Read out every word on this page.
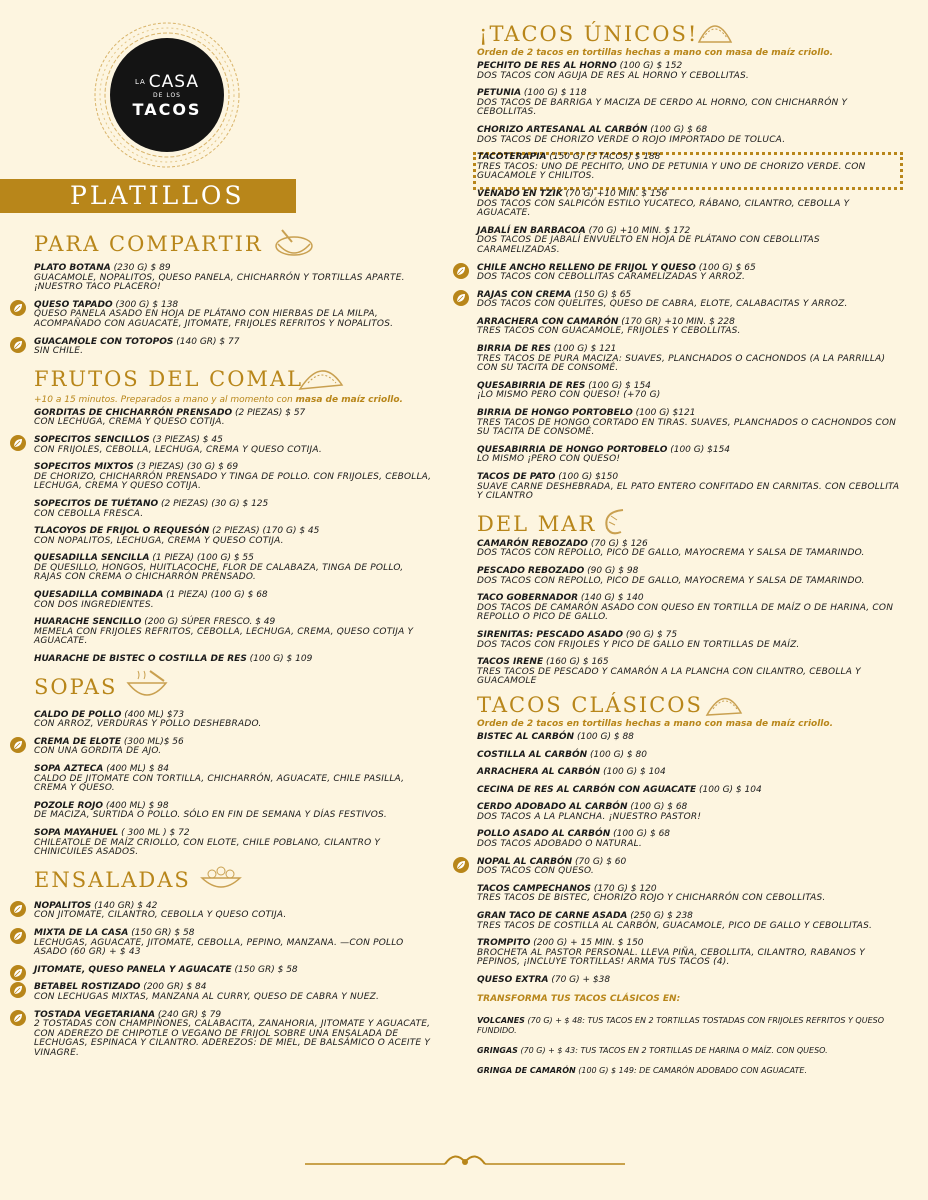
LA CASA
DE LOS
TACOS
PLATILLOS
PARA COMPARTIR
PLATO BOTANA (230 G) $ 89
GUACAMOLE, NOPALITOS, QUESO PANELA, CHICHARRÓN Y TORTILLAS APARTE. ¡NUESTRO TACO PLACERO!
QUESO TAPADO (300 G) $ 138
QUESO PANELA ASADO EN HOJA DE PLÁTANO CON HIERBAS DE LA MILPA, ACOMPAÑADO CON AGUACATE, JITOMATE, FRIJOLES REFRITOS Y NOPALITOS.
GUACAMOLE CON TOTOPOS (140 GR) $ 77
SIN CHILE.
FRUTOS DEL COMAL
+10 a 15 minutos. Preparados a mano y al momento con masa de maíz criollo.
GORDITAS DE CHICHARRÓN PRENSADO (2 PIEZAS) $ 57
CON LECHUGA, CREMA Y QUESO COTIJA.
SOPECITOS SENCILLOS (3 PIEZAS) $ 45
CON FRIJOLES, CEBOLLA, LECHUGA, CREMA Y QUESO COTIJA.
SOPECITOS MIXTOS (3 PIEZAS) (30 G) $ 69
DE CHORIZO, CHICHARRÓN PRENSADO Y TINGA DE POLLO. CON FRIJOLES, CEBOLLA, LECHUGA, CREMA Y QUESO COTIJA.
SOPECITOS DE TUÉTANO (2 PIEZAS) (30 G) $ 125
CON CEBOLLA FRESCA.
TLACOYOS DE FRIJOL O REQUESÓN (2 PIEZAS) (170 G) $ 45
CON NOPALITOS, LECHUGA, CREMA Y QUESO COTIJA.
QUESADILLA SENCILLA (1 PIEZA) (100 G) $ 55
DE QUESILLO, HONGOS, HUITLACOCHE, FLOR DE CALABAZA, TINGA DE POLLO, RAJAS CON CREMA O CHICHARRÓN PRENSADO.
QUESADILLA COMBINADA (1 PIEZA) (100 G) $ 68
CON DOS INGREDIENTES.
HUARACHE SENCILLO (200 G) SÚPER FRESCO. $ 49
MEMELA CON FRIJOLES REFRITOS, CEBOLLA, LECHUGA, CREMA, QUESO COTIJA Y AGUACATE.
HUARACHE DE BISTEC O COSTILLA DE RES (100 G) $ 109
SOPAS
CALDO DE POLLO (400 ML) $73
CON ARROZ, VERDURAS Y POLLO DESHEBRADO.
CREMA DE ELOTE (300 ML)$ 56
CON UNA GORDITA DE AJO.
SOPA AZTECA (400 ML) $ 84
CALDO DE JITOMATE CON TORTILLA, CHICHARRÓN, AGUACATE, CHILE PASILLA, CREMA Y QUESO.
POZOLE ROJO (400 ML) $ 98
DE MACIZA, SURTIDA O POLLO. SÓLO EN FIN DE SEMANA Y DÍAS FESTIVOS.
SOPA MAYAHUEL ( 300 ML ) $ 72
CHILEATOLE DE MAÍZ CRIOLLO, CON ELOTE, CHILE POBLANO, CILANTRO Y CHINICUILES ASADOS.
ENSALADAS
NOPALITOS (140 GR) $ 42
CON JITOMATE, CILANTRO, CEBOLLA Y QUESO COTIJA.
MIXTA DE LA CASA (150 GR) $ 58
LECHUGAS, AGUACATE, JITOMATE, CEBOLLA, PEPINO, MANZANA. —CON POLLO ASADO (60 GR) + $ 43
JITOMATE, QUESO PANELA Y AGUACATE (150 GR) $ 58
BETABEL ROSTIZADO (200 GR) $ 84
CON LECHUGAS MIXTAS, MANZANA AL CURRY, QUESO DE CABRA Y NUEZ.
TOSTADA VEGETARIANA (240 GR) $ 79
2 TOSTADAS CON CHAMPIÑONES, CALABACITA, ZANAHORIA, JITOMATE Y AGUACATE, CON ADEREZO DE CHIPOTLE O VEGANO DE FRIJOL SOBRE UNA ENSALADA DE LECHUGAS, ESPINACA Y CILANTRO. ADEREZOS: DE MIEL, DE BALSÁMICO O ACEITE Y VINAGRE.
¡TACOS ÚNICOS!
Orden de 2 tacos en tortillas hechas a mano con masa de maíz criollo.
PECHITO DE RES AL HORNO (100 G) $ 152
DOS TACOS CON AGUJA DE RES AL HORNO Y CEBOLLITAS.
PETUNIA (100 G) $ 118
DOS TACOS DE BARRIGA Y MACIZA DE CERDO AL HORNO, CON CHICHARRÓN Y CEBOLLITAS.
CHORIZO ARTESANAL AL CARBÓN (100 G) $ 68
DOS TACOS DE CHORIZO VERDE O ROJO IMPORTADO DE TOLUCA.
TACOTERAPIA (150 G) (3 TACOS) $ 188
TRES TACOS: UNO DE PECHITO, UNO DE PETUNIA Y UNO DE CHORIZO VERDE. CON GUACAMOLE Y CHILITOS.
VENADO EN TZIK (70 G) +10 MIN. $ 156
DOS TACOS CON SALPICÓN ESTILO YUCATECO, RÁBANO, CILANTRO, CEBOLLA Y AGUACATE.
JABALÍ EN BARBACOA (70 G) +10 MIN. $ 172
DOS TACOS DE JABALÍ ENVUELTO EN HOJA DE PLÁTANO CON CEBOLLITAS CARAMELIZADAS.
CHILE ANCHO RELLENO DE FRIJOL Y QUESO (100 G) $ 65
DOS TACOS CON CEBOLLITAS CARAMELIZADAS Y ARROZ.
RAJAS CON CREMA (150 G) $ 65
DOS TACOS CON QUELITES, QUESO DE CABRA, ELOTE, CALABACITAS Y ARROZ.
ARRACHERA CON CAMARÓN (170 GR) +10 MIN. $ 228
TRES TACOS CON GUACAMOLE, FRIJOLES Y CEBOLLITAS.
BIRRIA DE RES (100 G) $ 121
TRES TACOS DE PURA MACIZA: SUAVES, PLANCHADOS O CACHONDOS (A LA PARRILLA) CON SU TACITA DE CONSOMÉ.
QUESABIRRIA DE RES (100 G) $ 154
¡LO MISMO PERO CON QUESO! (+70 G)
BIRRIA DE HONGO PORTOBELO (100 G) $121
TRES TACOS DE HONGO CORTADO EN TIRAS. SUAVES, PLANCHADOS O CACHONDOS CON SU TACITA DE CONSOMÉ.
QUESABIRRIA DE HONGO PORTOBELO (100 G) $154
LO MISMO ¡PERO CON QUESO!
TACOS DE PATO (100 G) $150
SUAVE CARNE DESHEBRADA, EL PATO ENTERO CONFITADO EN CARNITAS. CON CEBOLLITA Y CILANTRO
DEL MAR
CAMARÓN REBOZADO (70 G) $ 126
DOS TACOS CON REPOLLO, PICO DE GALLO, MAYOCREMA Y SALSA DE TAMARINDO.
PESCADO REBOZADO (90 G) $ 98
DOS TACOS CON REPOLLO, PICO DE GALLO, MAYOCREMA Y SALSA DE TAMARINDO.
TACO GOBERNADOR (140 G) $ 140
DOS TACOS DE CAMARÓN ASADO CON QUESO EN TORTILLA DE MAÍZ O DE HARINA, CON REPOLLO O PICO DE GALLO.
SIRENITAS: PESCADO ASADO (90 G) $ 75
DOS TACOS CON FRIJOLES Y PICO DE GALLO EN TORTILLAS DE MAÍZ.
TACOS IRENE (160 G) $ 165
TRES TACOS DE PESCADO Y CAMARÓN A LA PLANCHA CON CILANTRO, CEBOLLA Y GUACAMOLE
TACOS CLÁSICOS
Orden de 2 tacos en tortillas hechas a mano con masa de maíz criollo.
BISTEC AL CARBÓN (100 G) $ 88
COSTILLA AL CARBÓN (100 G) $ 80
ARRACHERA AL CARBÓN (100 G) $ 104
CECINA DE RES AL CARBÓN CON AGUACATE (100 G) $ 104
CERDO ADOBADO AL CARBÓN (100 G) $ 68
DOS TACOS A LA PLANCHA. ¡NUESTRO PASTOR!
POLLO ASADO AL CARBÓN (100 G) $ 68
DOS TACOS ADOBADO O NATURAL.
NOPAL AL CARBÓN (70 G) $ 60
DOS TACOS CON QUESO.
TACOS CAMPECHANOS (170 G) $ 120
TRES TACOS DE BISTEC, CHORIZO ROJO Y CHICHARRÓN CON CEBOLLITAS.
GRAN TACO DE CARNE ASADA (250 G) $ 238
TRES TACOS DE COSTILLA AL CARBÓN, GUACAMOLE, PICO DE GALLO Y CEBOLLITAS.
TROMPITO (200 G) + 15 MIN. $ 150
BROCHETA AL PASTOR PERSONAL. LLEVA PIÑA, CEBOLLITA, CILANTRO, RABANOS Y PEPINOS, ¡INCLUYE TORTILLAS! ARMA TUS TACOS (4).
QUESO EXTRA (70 G) + $38
TRANSFORMA TUS TACOS CLÁSICOS EN:
VOLCANES (70 G) + $ 48: TUS TACOS EN 2 TORTILLAS TOSTADAS CON FRIJOLES REFRITOS Y QUESO FUNDIDO.
GRINGAS (70 G) + $ 43: TUS TACOS EN 2 TORTILLAS DE HARINA O MAÍZ. CON QUESO.
GRINGA DE CAMARÓN (100 G) $ 149: DE CAMARÓN ADOBADO CON AGUACATE.
